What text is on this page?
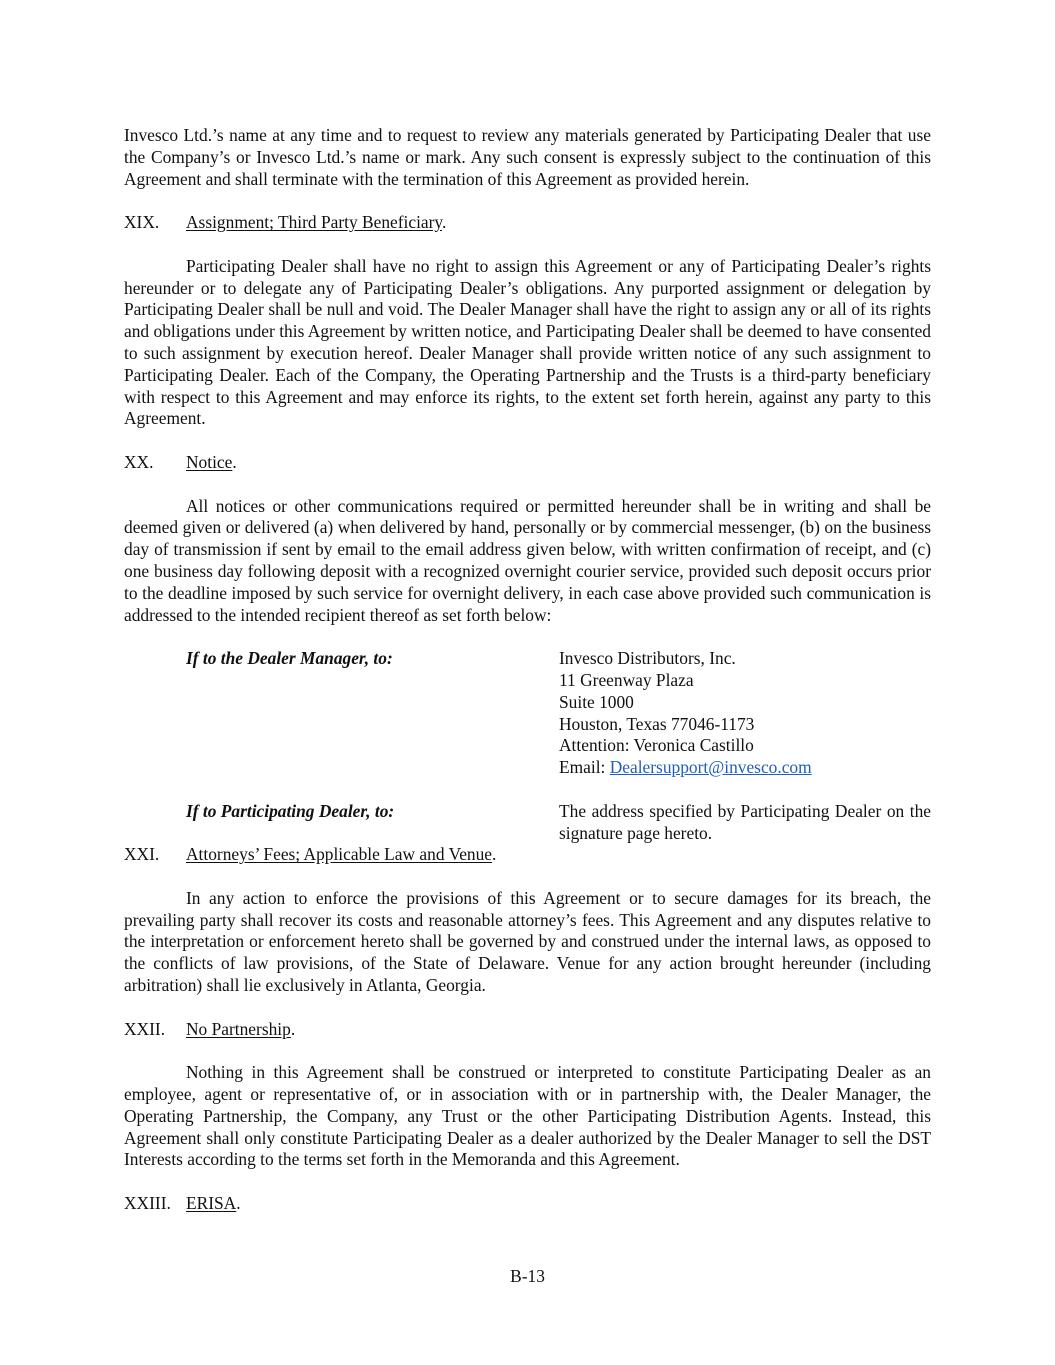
Invesco Ltd.’s name at any time and to request to review any materials generated by Participating Dealer that use the Company’s or Invesco Ltd.’s name or mark. Any such consent is expressly subject to the continuation of this Agreement and shall terminate with the termination of this Agreement as provided herein.

XIX.	Assignment; Third Party Beneficiary.

Participating Dealer shall have no right to assign this Agreement or any of Participating Dealer’s rights hereunder or to delegate any of Participating Dealer’s obligations. Any purported assignment or delegation by Participating Dealer shall be null and void. The Dealer Manager shall have the right to assign any or all of its rights and obligations under this Agreement by written notice, and Participating Dealer shall be deemed to have consented to such assignment by execution hereof. Dealer Manager shall provide written notice of any such assignment to Participating Dealer. Each of the Company, the Operating Partnership and the Trusts is a third-party beneficiary with respect to this Agreement and may enforce its rights, to the extent set forth herein, against any party to this Agreement.

XX.	Notice.

All notices or other communications required or permitted hereunder shall be in writing and shall be deemed given or delivered (a) when delivered by hand, personally or by commercial messenger, (b) on the business day of transmission if sent by email to the email address given below, with written confirmation of receipt, and (c) one business day following deposit with a recognized overnight courier service, provided such deposit occurs prior to the deadline imposed by such service for overnight delivery, in each case above provided such communication is addressed to the intended recipient thereof as set forth below:

If to the Dealer Manager, to:	Invesco Distributors, Inc.
11 Greenway Plaza
Suite 1000
Houston, Texas 77046-1173
Attention: Veronica Castillo
Email: Dealersupport@invesco.com
If to Participating Dealer, to:	The address specified by Participating Dealer on the signature page hereto.
XXI.	Attorneys’ Fees; Applicable Law and Venue.

In any action to enforce the provisions of this Agreement or to secure damages for its breach, the prevailing party shall recover its costs and reasonable attorney’s fees. This Agreement and any disputes relative to the interpretation or enforcement hereto shall be governed by and construed under the internal laws, as opposed to the conflicts of law provisions, of the State of Delaware. Venue for any action brought hereunder (including arbitration) shall lie exclusively in Atlanta, Georgia.

XXII.	No Partnership.

Nothing in this Agreement shall be construed or interpreted to constitute Participating Dealer as an employee, agent or representative of, or in association with or in partnership with, the Dealer Manager, the Operating Partnership, the Company, any Trust or the other Participating Distribution Agents. Instead, this Agreement shall only constitute Participating Dealer as a dealer authorized by the Dealer Manager to sell the DST Interests according to the terms set forth in the Memoranda and this Agreement.

XXIII. ERISA.
B-13
